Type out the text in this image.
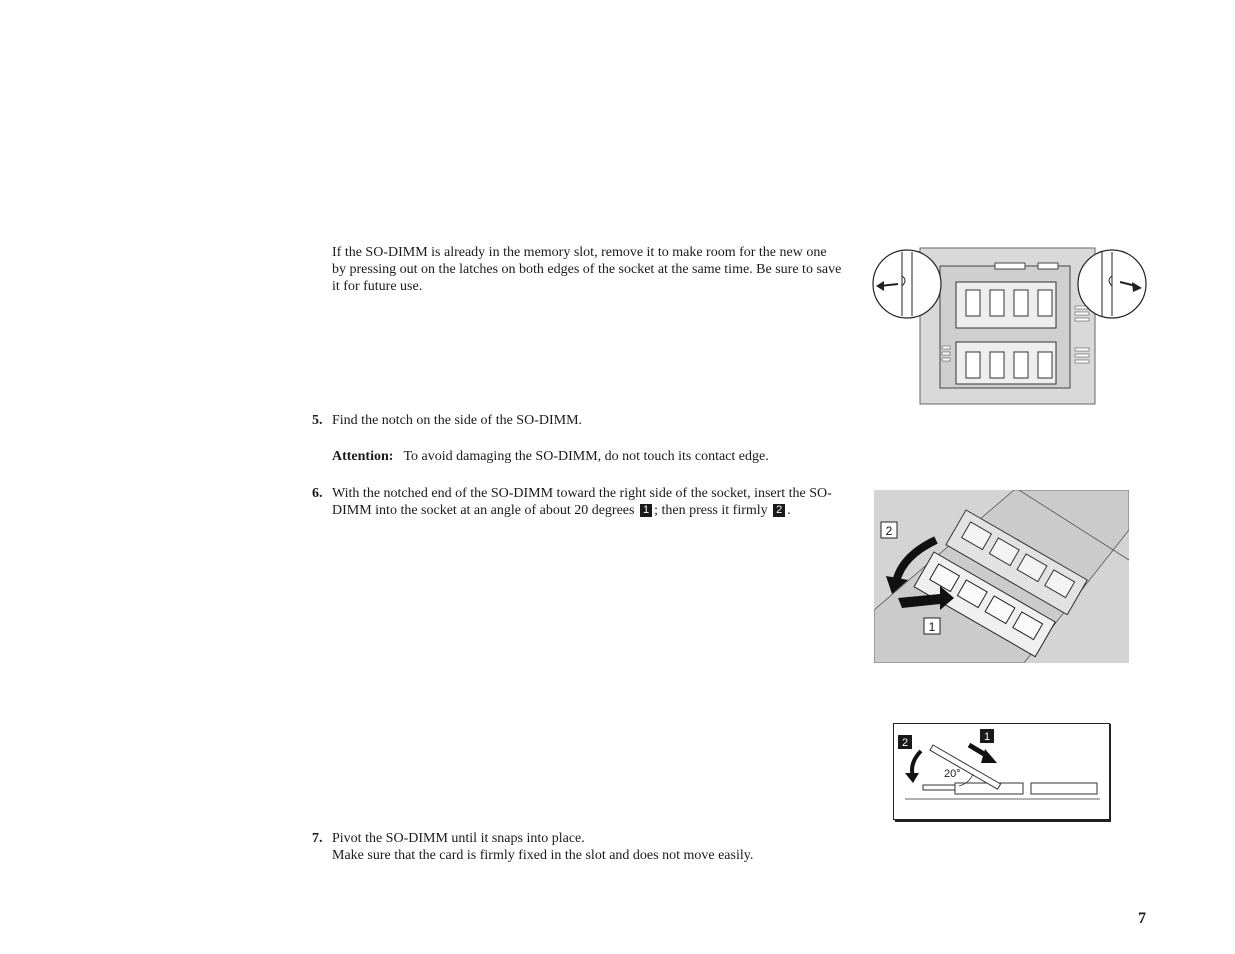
If the SO-DIMM is already in the memory slot, remove it to make room for the new one by pressing out on the latches on both edges of the socket at the same time. Be sure to save it for future use.
5. Find the notch on the side of the SO-DIMM.
Attention: To avoid damaging the SO-DIMM, do not touch its contact edge.
6. With the notched end of the SO-DIMM toward the right side of the socket, insert the SO-DIMM into the socket at an angle of about 20 degrees 1 ; then press it firmly 2 .
2
1
20°
2	1
7. Pivot the SO-DIMM until it snaps into place.
Make sure that the card is firmly fixed in the slot and does not move easily.
7
